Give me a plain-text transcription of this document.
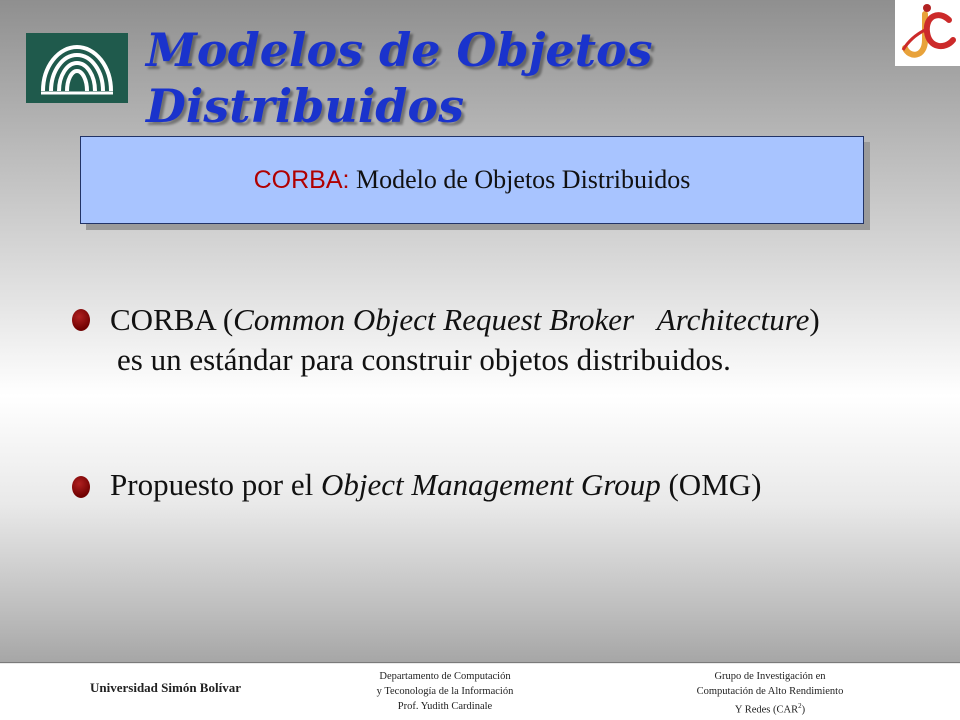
Modelos de Objetos
Distribuidos
CORBA: Modelo de Objetos Distribuidos

CORBA (Common Object Request Broker   Architecture)

es un estándar para construir objetos distribuidos.

Propuesto por el Object Management Group (OMG)

Universidad Simón Bolívar
Departamento de Computación
y Teconología de la Información
Prof. Yudith Cardinale
Grupo de Investigación en
Computación de Alto Rendimiento
Y Redes (CAR$^2$)
